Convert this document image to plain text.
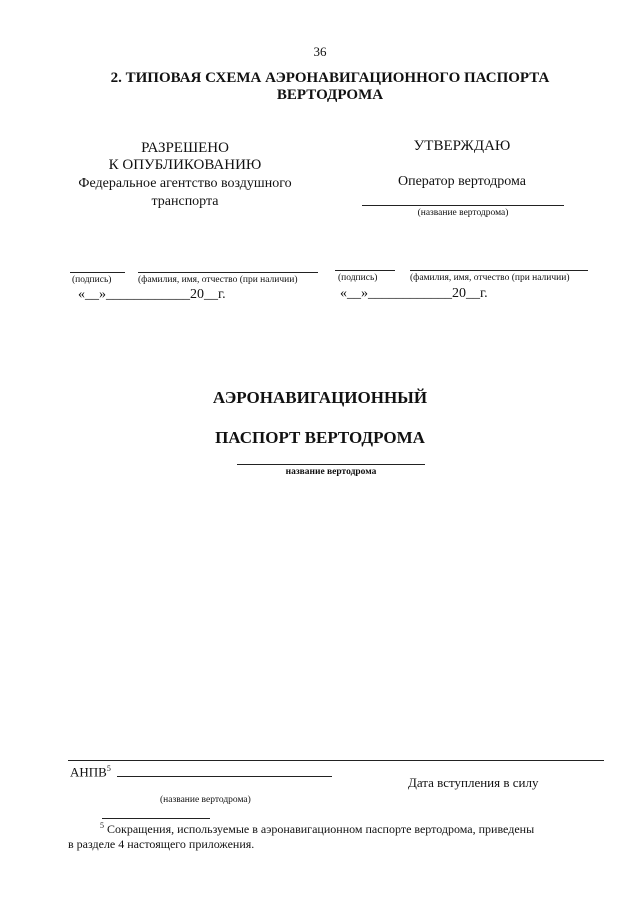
36
2. ТИПОВАЯ СХЕМА АЭРОНАВИГАЦИОННОГО ПАСПОРТА
ВЕРТОДРОМА
РАЗРЕШЕНО
К ОПУБЛИКОВАНИЮ
Федеральное агентство воздушного
транспорта
УТВЕРЖДАЮ
Оператор вертодрома
(название вертодрома)
(подпись)	(фамилия, имя, отчество (при наличии)
«__»____________20__г.
(подпись)	(фамилия, имя, отчество (при наличии)
«__»____________20__г.
АЭРОНАВИГАЦИОННЫЙ
ПАСПОРТ ВЕРТОДРОМА
название вертодрома
АНПВ$^5$
Дата вступления в силу
(название вертодрома)
$^5$ Сокращения, используемые в аэронавигационном паспорте вертодрома, приведены
в разделе 4 настоящего приложения.
